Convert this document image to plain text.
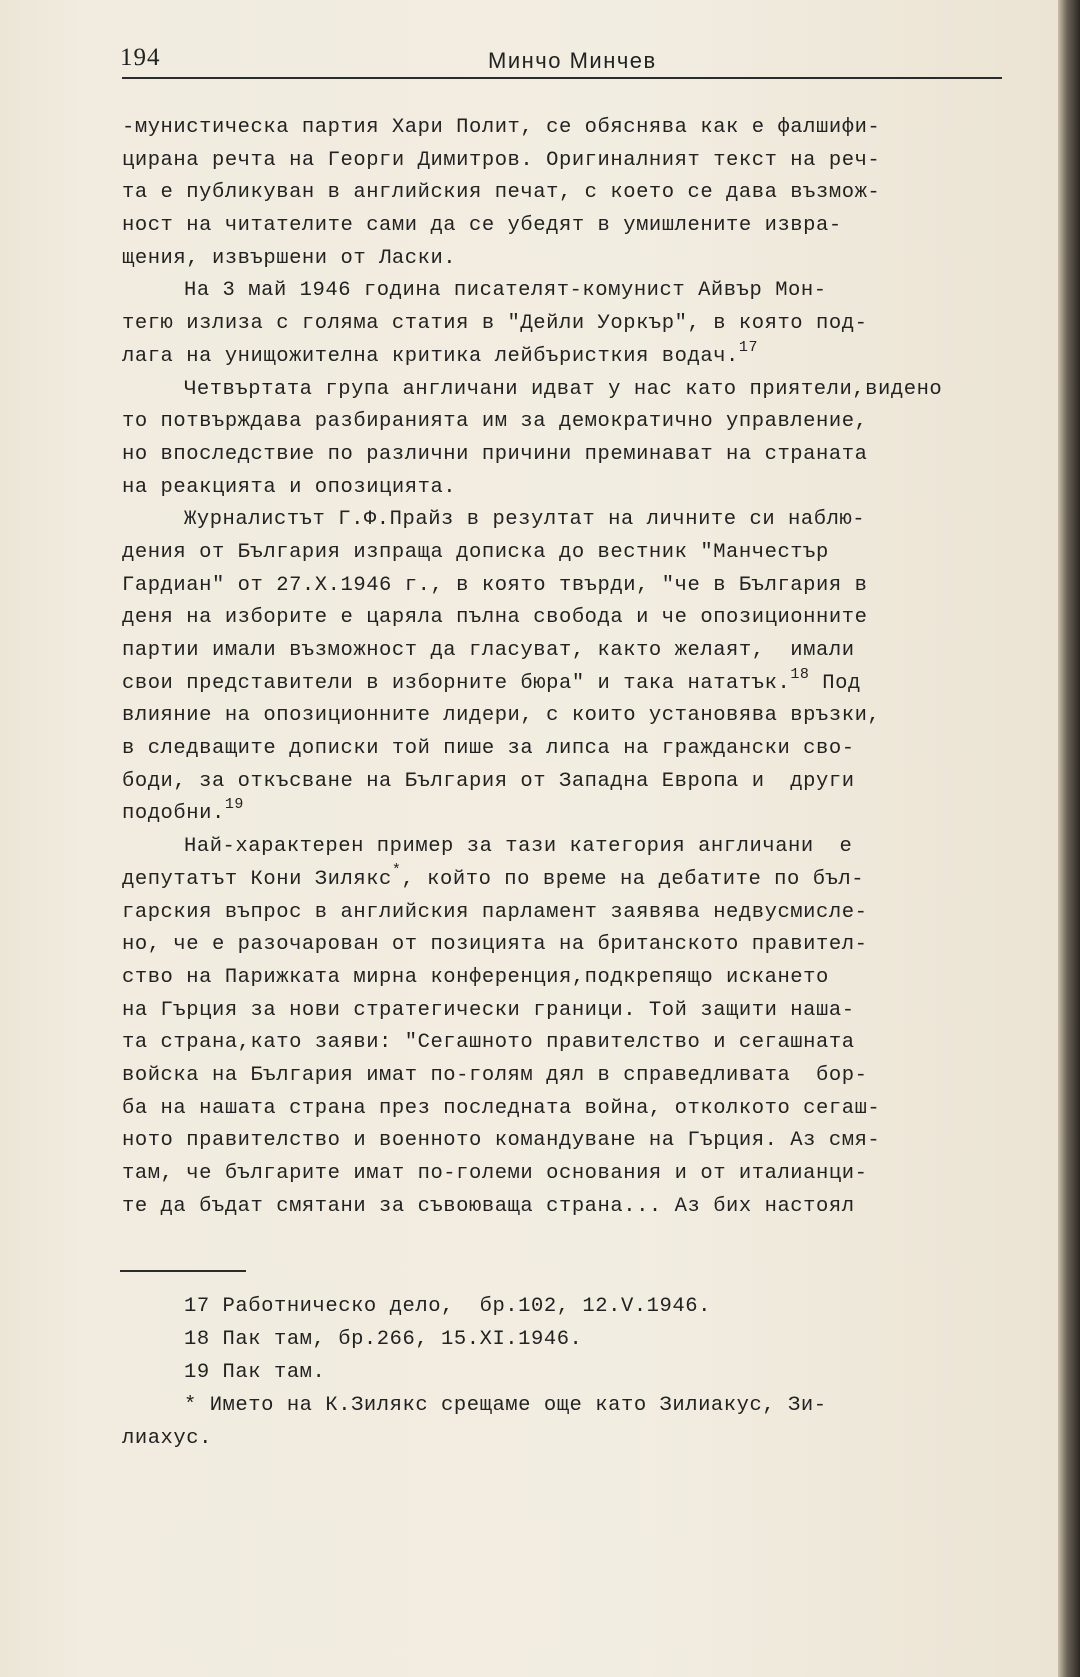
194	Минчо Минчев
-мунистическа партия Хари Полит, се обяснява как е фалшифи-
цирана речта на Георги Димитров. Оригиналният текст на реч-
та е публикуван в английския печат, с което се дава възмож-
ност на читателите сами да се убедят в умишлените извра-
щения, извършени от Ласки.
На 3 май 1946 година писателят-комунист Айвър Мон-
тегю излиза с голяма статия в "Дейли Уоркър", в която под-
лага на унищожителна критика лейбъристкия водач.$^{17}$
Четвъртата група англичани идват у нас като приятели,видено
то потвърждава разбиранията им за демократично управление,
но впоследствие по различни причини преминават на страната
на реакцията и опозицията.
Журналистът Г.Ф.Прайз в резултат на личните си наблю-
дения от България изпраща дописка до вестник "Манчестър
Гардиан" от 27.X.1946 г., в която твърди, "че в България в
деня на изборите е царяла пълна свобода и че опозиционните
партии имали възможност да гласуват, както желаят,  имали
свои представители в изборните бюра" и така нататък.$^{18}$ Под
влияние на опозиционните лидери, с които установява връзки,
в следващите дописки той пише за липса на граждански сво-
боди, за откъсване на България от Западна Европа и  други
подобни.$^{19}$
Най-характерен пример за тази категория англичани  е
депутатът Кони Зилякс*, който по време на дебатите по бъл-
гарския въпрос в английския парламент заявява недвусмисле-
но, че е разочарован от позицията на британското правител-
ство на Парижката мирна конференция,подкрепящо искането
на Гърция за нови стратегически граници. Той защити наша-
та страна,като заяви: "Сегашното правителство и сегашната
войска на България имат по-голям дял в справедливата  бор-
ба на нашата страна през последната война, отколкото сегаш-
ното правителство и военното командуване на Гърция. Аз смя-
там, че българите имат по-големи основания и от италианци-
те да бъдат смятани за съвоюваща страна... Аз бих настоял
17 Работническо дело,  бр.102, 12.V.1946.
18 Пак там, бр.266, 15.XI.1946.
19 Пак там.
* Името на К.Зилякс срещаме още като Зилиакус, Зи-
лиахус.
